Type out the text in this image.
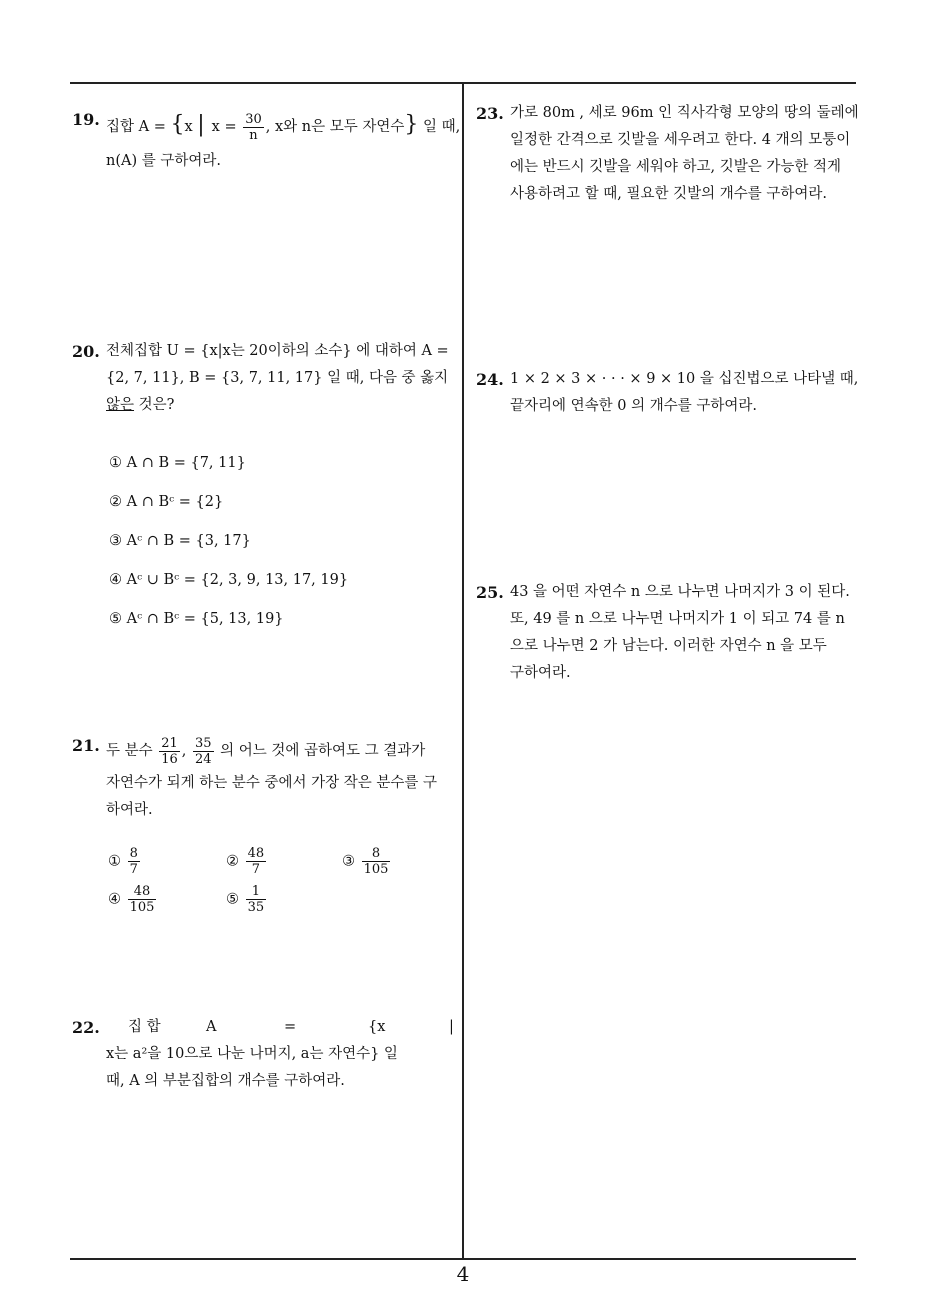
19. 집합 A = {x | $x = \frac{30}{n}$ , x와 n은 모두 자연수} 일 때,
n(A) 를 구하여라.
20. 전체집합 U = {x|x는 20이하의 소수} 에 대하여 A =
{2, 7, 11}, B = {3, 7, 11, 17} 일 때, 다음 중 옳지
않은 것은?
① A ∩ B = {7, 11}
② A ∩ Bᶜ = {2}
③ Aᶜ ∩ B = {3, 17}
④ Aᶜ ∪ Bᶜ = {2, 3, 9, 13, 17, 19}
⑤ Aᶜ ∩ Bᶜ = {5, 13, 19}
21. 두 분수 $\frac{21}{16}$ , $\frac{35}{24}$ 의 어느 것에 곱하여도 그 결과가
자연수가 되게 하는 분수 중에서 가장 작은 분수를 구
하여라.
① $\frac{8}{7}$	② $\frac{48}{7}$	③ $\frac{8}{105}$
④ $\frac{48}{105}$	⑤ $\frac{1}{35}$
22. 집 합	A	=	{x	|
x는 a²을 10으로 나눈 나머지, a는 자연수} 일
때, A 의 부분집합의 개수를 구하여라.
23. 가로 80m , 세로 96m 인 직사각형 모양의 땅의 둘레에
일정한 간격으로 깃발을 세우려고 한다. 4 개의 모퉁이
에는 반드시 깃발을 세워야 하고, 깃발은 가능한 적게
사용하려고 할 때, 필요한 깃발의 개수를 구하여라.
24. 1 × 2 × 3 × · · · × 9 × 10 을 십진법으로 나타낼 때,
끝자리에 연속한 0 의 개수를 구하여라.
25. 43 을 어떤 자연수 n 으로 나누면 나머지가 3 이 된다.
또, 49 를 n 으로 나누면 나머지가 1 이 되고 74 를 n
으로 나누면 2 가 남는다. 이러한 자연수 n 을 모두
구하여라.
4
